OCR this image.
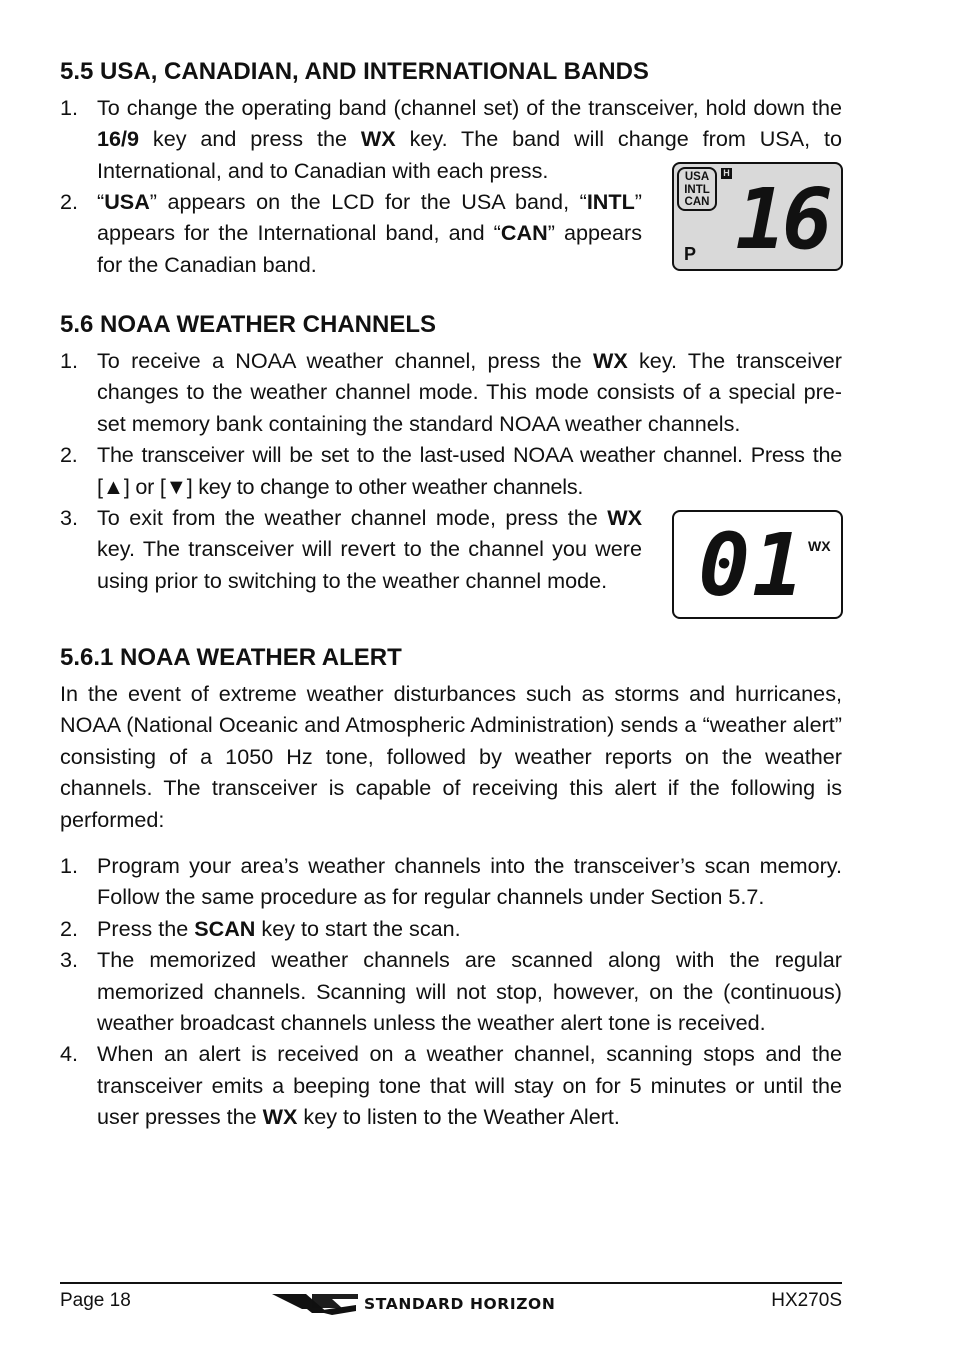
5.5 USA, CANADIAN, AND INTERNATIONAL BANDS
1. To change the operating band (channel set) of the transceiver, hold down the 16/9 key and press the WX key. The band will change from USA, to International, and to Canadian with each press.
2. “USA” appears on the LCD for the USA band, “INTL” appears for the International band, and “CAN” appears for the Canadian band.
5.6 NOAA WEATHER CHANNELS
1. To receive a NOAA weather channel, press the WX key. The transceiver changes to the weather channel mode. This mode consists of a special pre-set memory bank containing the standard NOAA weather channels.
2. The transceiver will be set to the last-used NOAA weather channel. Press the [▲] or [▼] key to change to other weather channels.
3. To exit from the weather channel mode, press the WX key. The transceiver will revert to the channel you were using prior to switching to the weather channel mode.
5.6.1 NOAA WEATHER ALERT

In the event of extreme weather disturbances such as storms and hurricanes, NOAA (National Oceanic and Atmospheric Administration) sends a “weather alert” consisting of a 1050 Hz tone, followed by weather reports on the weather channels. The transceiver is capable of receiving this alert if the following is performed:

1. Program your area’s weather channels into the transceiver’s scan memory. Follow the same procedure as for regular channels under Section 5.7.
2. Press the SCAN key to start the scan.
3. The memorized weather channels are scanned along with the regular memorized channels. Scanning will not stop, however, on the (continuous) weather broadcast channels unless the weather alert tone is received.
4. When an alert is received on a weather channel, scanning stops and the transceiver emits a beeping tone that will stay on for 5 minutes or until the user presses the WX key to listen to the Weather Alert.
USA
INTL
CAN
H
P 16
01 WX
Page 18	STANDARD HORIZON	HX270S
